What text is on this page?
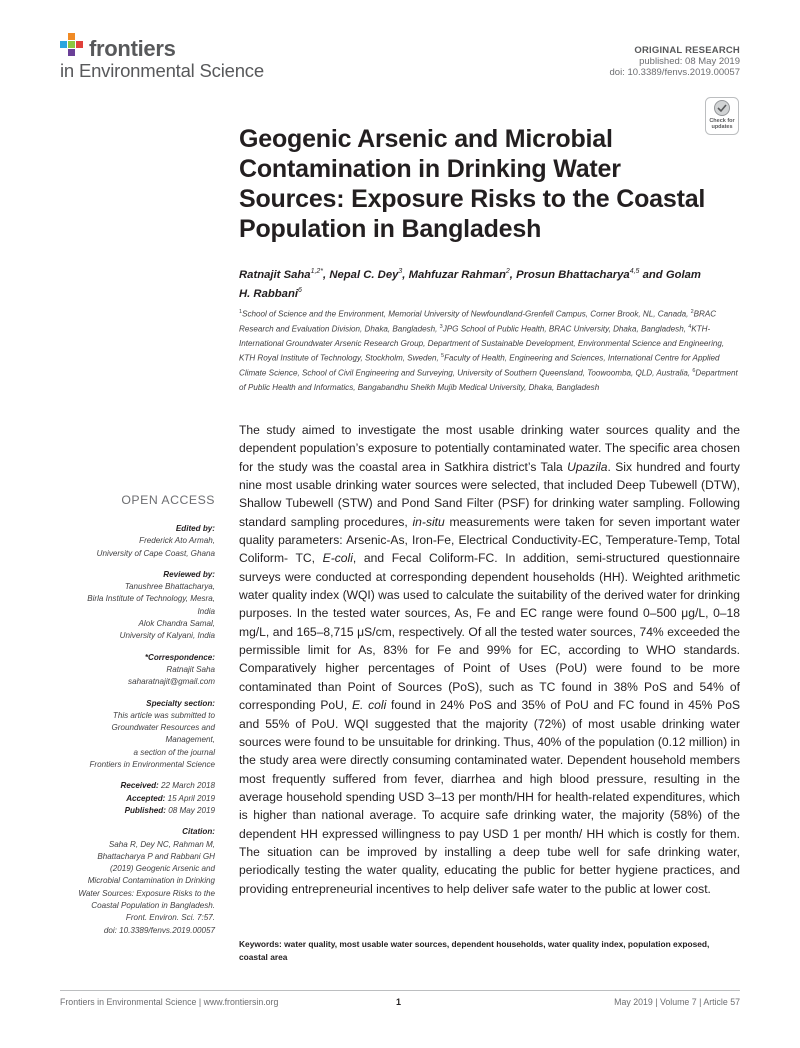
frontiers
in Environmental Science
ORIGINAL RESEARCH
published: 08 May 2019
doi: 10.3389/fenvs.2019.00057
Check for updates
Geogenic Arsenic and Microbial Contamination in Drinking Water Sources: Exposure Risks to the Coastal Population in Bangladesh

Ratnajit Saha$^{1,2*}$, Nepal C. Dey$^3$, Mahfuzar Rahman$^2$, Prosun Bhattacharya$^{4,5}$ and Golam H. Rabbani$^6$

$^1$School of Science and the Environment, Memorial University of Newfoundland-Grenfell Campus, Corner Brook, NL, Canada, $^2$BRAC Research and Evaluation Division, Dhaka, Bangladesh, $^3$JPG School of Public Health, BRAC University, Dhaka, Bangladesh, $^4$KTH-International Groundwater Arsenic Research Group, Department of Sustainable Development, Environmental Science and Engineering, KTH Royal Institute of Technology, Stockholm, Sweden, $^5$Faculty of Health, Engineering and Sciences, International Centre for Applied Climate Science, School of Civil Engineering and Surveying, University of Southern Queensland, Toowoomba, QLD, Australia, $^6$Department of Public Health and Informatics, Bangabandhu Sheikh Mujib Medical University, Dhaka, Bangladesh

OPEN ACCESS
Edited by:
Frederick Ato Armah,
University of Cape Coast, Ghana
Reviewed by:
Tanushree Bhattacharya,
Birla Institute of Technology, Mesra,
India
Alok Chandra Samal,
University of Kalyani, India
*Correspondence:
Ratnajit Saha
saharatnajit@gmail.com
Specialty section:
This article was submitted to
Groundwater Resources and
Management,
a section of the journal
Frontiers in Environmental Science
Received: 22 March 2018
Accepted: 15 April 2019
Published: 08 May 2019
Citation:
Saha R, Dey NC, Rahman M,
Bhattacharya P and Rabbani GH
(2019) Geogenic Arsenic and
Microbial Contamination in Drinking
Water Sources: Exposure Risks to the
Coastal Population in Bangladesh.
Front. Environ. Sci. 7:57.
doi: 10.3389/fenvs.2019.00057

The study aimed to investigate the most usable drinking water sources quality and the dependent population’s exposure to potentially contaminated water. The specific area chosen for the study was the coastal area in Satkhira district’s Tala Upazila. Six hundred and fourty nine most usable drinking water sources were selected, that included Deep Tubewell (DTW), Shallow Tubewell (STW) and Pond Sand Filter (PSF) for drinking water sampling. Following standard sampling procedures, in-situ measurements were taken for seven important water quality parameters: Arsenic-As, Iron-Fe, Electrical Conductivity-EC, Temperature-Temp, Total Coliform- TC, E-coli, and Fecal Coliform-FC. In addition, semi-structured questionnaire surveys were conducted at corresponding dependent households (HH). Weighted arithmetic water quality index (WQI) was used to calculate the suitability of the derived water for drinking purposes. In the tested water sources, As, Fe and EC range were found 0–500 μg/L, 0–18 mg/L, and 165–8,715 μS/cm, respectively. Of all the tested water sources, 74% exceeded the permissible limit for As, 83% for Fe and 99% for EC, according to WHO standards. Comparatively higher percentages of Point of Uses (PoU) were found to be more contaminated than Point of Sources (PoS), such as TC found in 38% PoS and 54% of corresponding PoU, E. coli found in 24% PoS and 35% of PoU and FC found in 45% PoS and 55% of PoU. WQI suggested that the majority (72%) of most usable drinking water sources were found to be unsuitable for drinking. Thus, 40% of the population (0.12 million) in the study area were directly consuming contaminated water. Dependent household members most frequently suffered from fever, diarrhea and high blood pressure, resulting in the average household spending USD 3–13 per month/HH for health-related expenditures, which is higher than national average. To acquire safe drinking water, the majority (58%) of the dependent HH expressed willingness to pay USD 1 per month/ HH which is costly for them. The situation can be improved by installing a deep tube well for safe drinking water, periodically testing the water quality, educating the public for better hygiene practices, and providing entrepreneurial incentives to help deliver safe water to the public at lower cost.

Keywords: water quality, most usable water sources, dependent households, water quality index, population exposed, coastal area

Frontiers in Environmental Science | www.frontiersin.org	1	May 2019 | Volume 7 | Article 57
